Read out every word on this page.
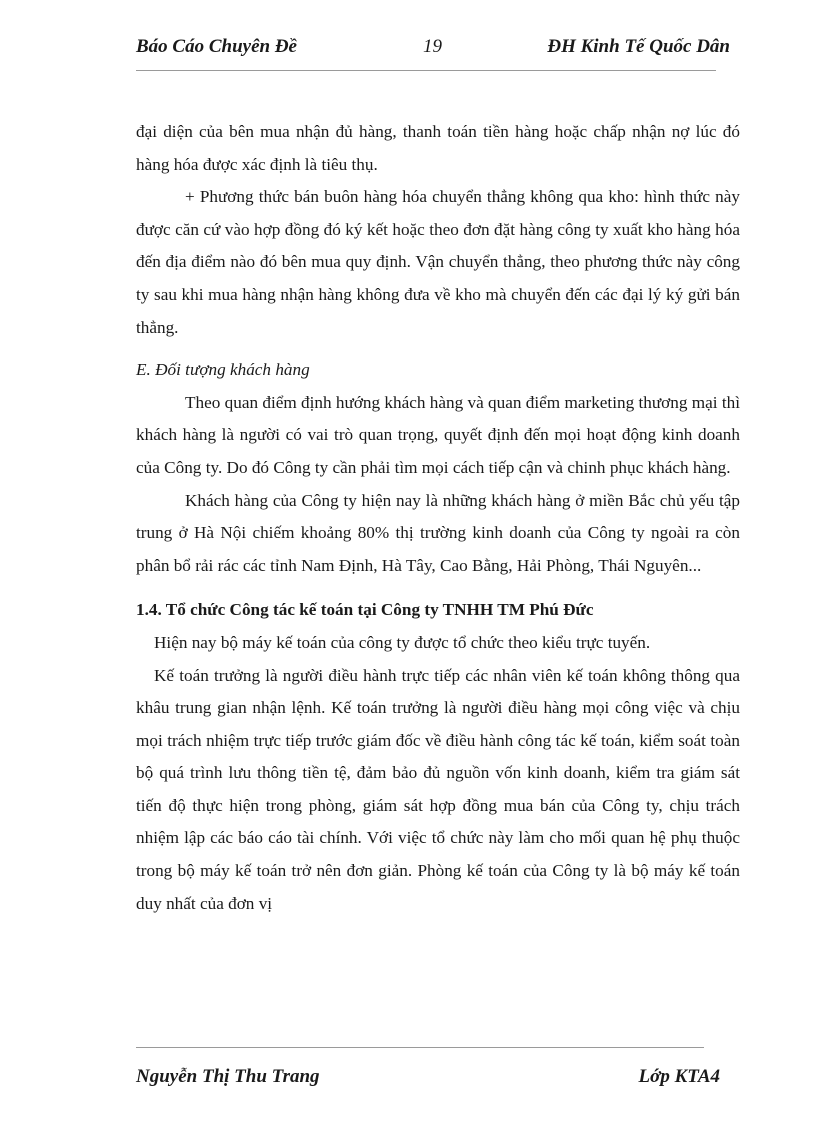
Báo Cáo Chuyên Đề	19	ĐH Kinh Tế Quốc Dân

đại diện của bên mua nhận đủ hàng, thanh toán tiền hàng hoặc chấp nhận nợ lúc đó hàng hóa được xác định là tiêu thụ.

+ Phương thức bán buôn hàng hóa chuyển thẳng không qua kho: hình thức này được căn cứ vào hợp đồng đó ký kết hoặc theo đơn đặt hàng công ty xuất kho hàng hóa đến địa điểm nào đó bên mua quy định. Vận chuyển thẳng, theo phương thức này công ty sau khi mua hàng nhận hàng không đưa về kho mà chuyển đến các đại lý ký gửi bán thẳng.

E. Đối tượng khách hàng

Theo quan điểm định hướng khách hàng và quan điểm marketing thương mại thì khách hàng là người có vai trò quan trọng, quyết định đến mọi hoạt động kinh doanh của Công ty. Do đó Công ty cần phải tìm mọi cách tiếp cận và chinh phục khách hàng.

Khách hàng của Công ty hiện nay là những khách hàng ở miền Bắc chủ yếu tập trung ở Hà Nội chiếm khoảng 80% thị trường kinh doanh của Công ty ngoài ra còn phân bổ rải rác các tỉnh Nam Định, Hà Tây, Cao Bằng, Hải Phòng, Thái Nguyên...

1.4. Tổ chức Công tác kế toán tại Công ty TNHH TM Phú Đức

Hiện nay bộ máy kế toán của công ty được tổ chức theo kiểu trực tuyến.

Kế toán trưởng là người điều hành trực tiếp các nhân viên kế toán không thông qua khâu trung gian nhận lệnh. Kế toán trưởng là người điều hàng mọi công việc và chịu mọi trách nhiệm trực tiếp trước giám đốc về điều hành công tác kế toán, kiểm soát toàn bộ quá trình lưu thông tiền tệ, đảm bảo đủ nguồn vốn kinh doanh, kiểm tra giám sát tiến độ thực hiện trong phòng, giám sát hợp đồng mua bán của Công ty, chịu trách nhiệm lập các báo cáo tài chính. Với việc tổ chức này làm cho mối quan hệ phụ thuộc trong bộ máy kế toán trở nên đơn giản. Phòng kế toán của Công ty là bộ máy kế toán duy nhất của đơn vị

Nguyễn Thị Thu Trang	Lớp KTA4
